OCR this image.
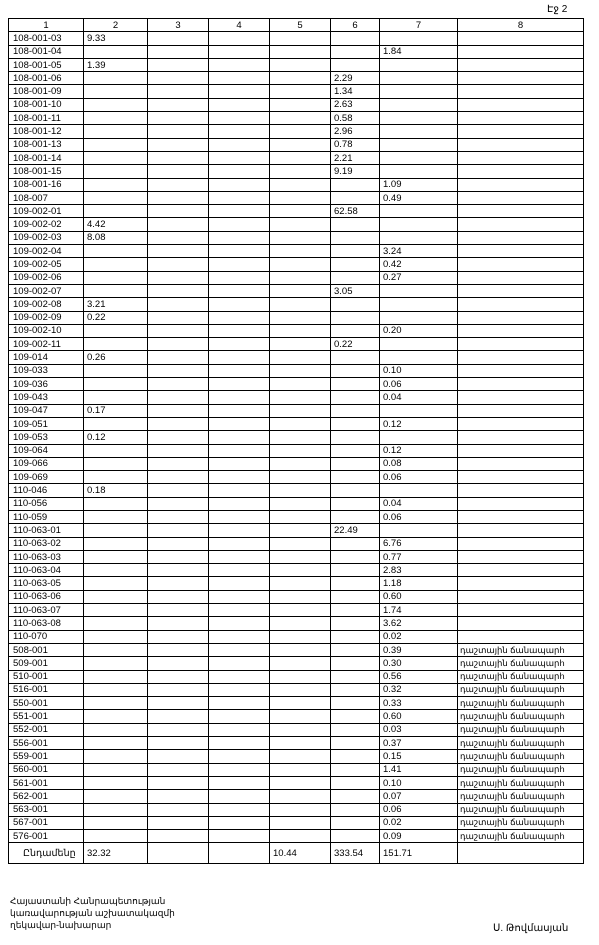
Էջ 2
1	2	3	4	5	6	7	8
108-001-03	9.33						
108-001-04						1.84	
108-001-05	1.39						
108-001-06					2.29		
108-001-09					1.34		
108-001-10					2.63		
108-001-11					0.58		
108-001-12					2.96		
108-001-13					0.78		
108-001-14					2.21		
108-001-15					9.19		
108-001-16						1.09	
108-007						0.49	
109-002-01					62.58		
109-002-02	4.42						
109-002-03	8.08						
109-002-04						3.24	
109-002-05						0.42	
109-002-06						0.27	
109-002-07					3.05		
109-002-08	3.21						
109-002-09	0.22						
109-002-10						0.20	
109-002-11					0.22		
109-014	0.26						
109-033						0.10	
109-036						0.06	
109-043						0.04	
109-047	0.17						
109-051						0.12	
109-053	0.12						
109-064						0.12	
109-066						0.08	
109-069						0.06	
110-046	0.18						
110-056						0.04	
110-059						0.06	
110-063-01					22.49		
110-063-02						6.76	
110-063-03						0.77	
110-063-04						2.83	
110-063-05						1.18	
110-063-06						0.60	
110-063-07						1.74	
110-063-08						3.62	
110-070						0.02	
508-001						0.39	դաշտային ճանապարհ
509-001						0.30	դաշտային ճանապարհ
510-001						0.56	դաշտային ճանապարհ
516-001						0.32	դաշտային ճանապարհ
550-001						0.33	դաշտային ճանապարհ
551-001						0.60	դաշտային ճանապարհ
552-001						0.03	դաշտային ճանապարհ
556-001						0.37	դաշտային ճանապարհ
559-001						0.15	դաշտային ճանապարհ
560-001						1.41	դաշտային ճանապարհ
561-001						0.10	դաշտային ճանապարհ
562-001						0.07	դաշտային ճանապարհ
563-001						0.06	դաշտային ճանապարհ
567-001						0.02	դաշտային ճանապարհ
576-001						0.09	դաշտային ճանապարհ
Ընդամենը	32.32			10.44	333.54	151.71	
Հայաստանի Հանրապետության
կառավարության աշխատակազմի
ղեկավար-նախարար	Ս. Թովմասյան
